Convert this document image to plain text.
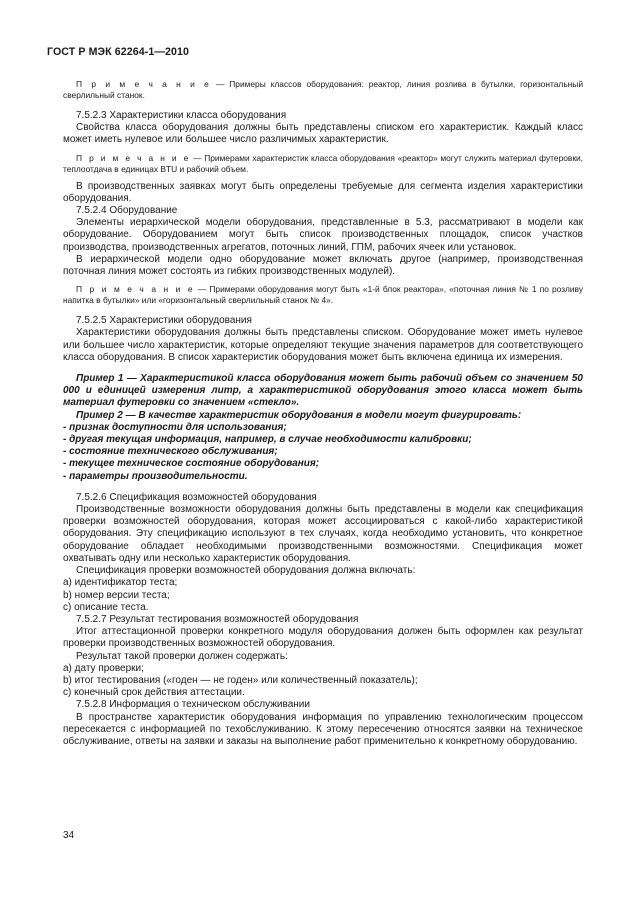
ГОСТ Р МЭК 62264-1—2010

П р и м е ч а н и е — Примеры классов оборудования: реактор, линия розлива в бутылки, горизонтальный сверлильный станок.

7.5.2.3 Характеристики класса оборудования

Свойства класса оборудования должны быть представлены списком его характеристик. Каждый класс может иметь нулевое или большее число различимых характеристик.

П р и м е ч а н и е — Примерами характеристик класса оборудования «реактор» могут служить материал футеровки, теплоотдача в единицах BTU и рабочий объем.

В производственных заявках могут быть определены требуемые для сегмента изделия характеристики оборудования.

7.5.2.4 Оборудование

Элементы иерархической модели оборудования, представленные в 5.3, рассматривают в модели как оборудование. Оборудованием могут быть список производственных площадок, список участков производства, производственных агрегатов, поточных линий, ГПМ, рабочих ячеек или установок.

В иерархической модели одно оборудование может включать другое (например, производственная поточная линия может состоять из гибких производственных модулей).

П р и м е ч а н и е — Примерами оборудования могут быть «1-й блок реактора», «поточная линия № 1 по розливу напитка в бутылки» или «горизонтальный сверлильный станок № 4».

7.5.2.5 Характеристики оборудования

Характеристики оборудования должны быть представлены списком. Оборудование может иметь нулевое или большее число характеристик, которые определяют текущие значения параметров для соответствующего класса оборудования. В список характеристик оборудования может быть включена единица их измерения.

Пример 1 — Характеристикой класса оборудования может быть рабочий объем со значением 50 000 и единицей измерения литр, а характеристикой оборудования этого класса может быть материал футеровки со значением «стекло».

Пример 2 — В качестве характеристик оборудования в модели могут фигурировать:

- признак доступности для использования;

- другая текущая информация, например, в случае необходимости калибровки;

- состояние технического обслуживания;

- текущее техническое состояние оборудования;

- параметры производительности.

7.5.2.6 Спецификация возможностей оборудования

Производственные возможности оборудования должны быть представлены в модели как спецификация проверки возможностей оборудования, которая может ассоциироваться с какой-либо характеристикой оборудования. Эту спецификацию используют в тех случаях, когда необходимо установить, что конкретное оборудование обладает необходимыми производственными возможностями. Спецификация может охватывать одну или несколько характеристик оборудования.

Спецификация проверки возможностей оборудования должна включать:

a) идентификатор теста;

b) номер версии теста;

c) описание теста.

7.5.2.7 Результат тестирования возможностей оборудования

Итог аттестационной проверки конкретного модуля оборудования должен быть оформлен как результат проверки производственных возможностей оборудования.

Результат такой проверки должен содержать:

a) дату проверки;

b) итог тестирования («годен — не годен» или количественный показатель);

c) конечный срок действия аттестации.

7.5.2.8 Информация о техническом обслуживании

В пространстве характеристик оборудования информация по управлению технологическим процессом пересекается с информацией по техобслуживанию. К этому пересечению относятся заявки на техническое обслуживание, ответы на заявки и заказы на выполнение работ применительно к конкретному оборудованию.

34
